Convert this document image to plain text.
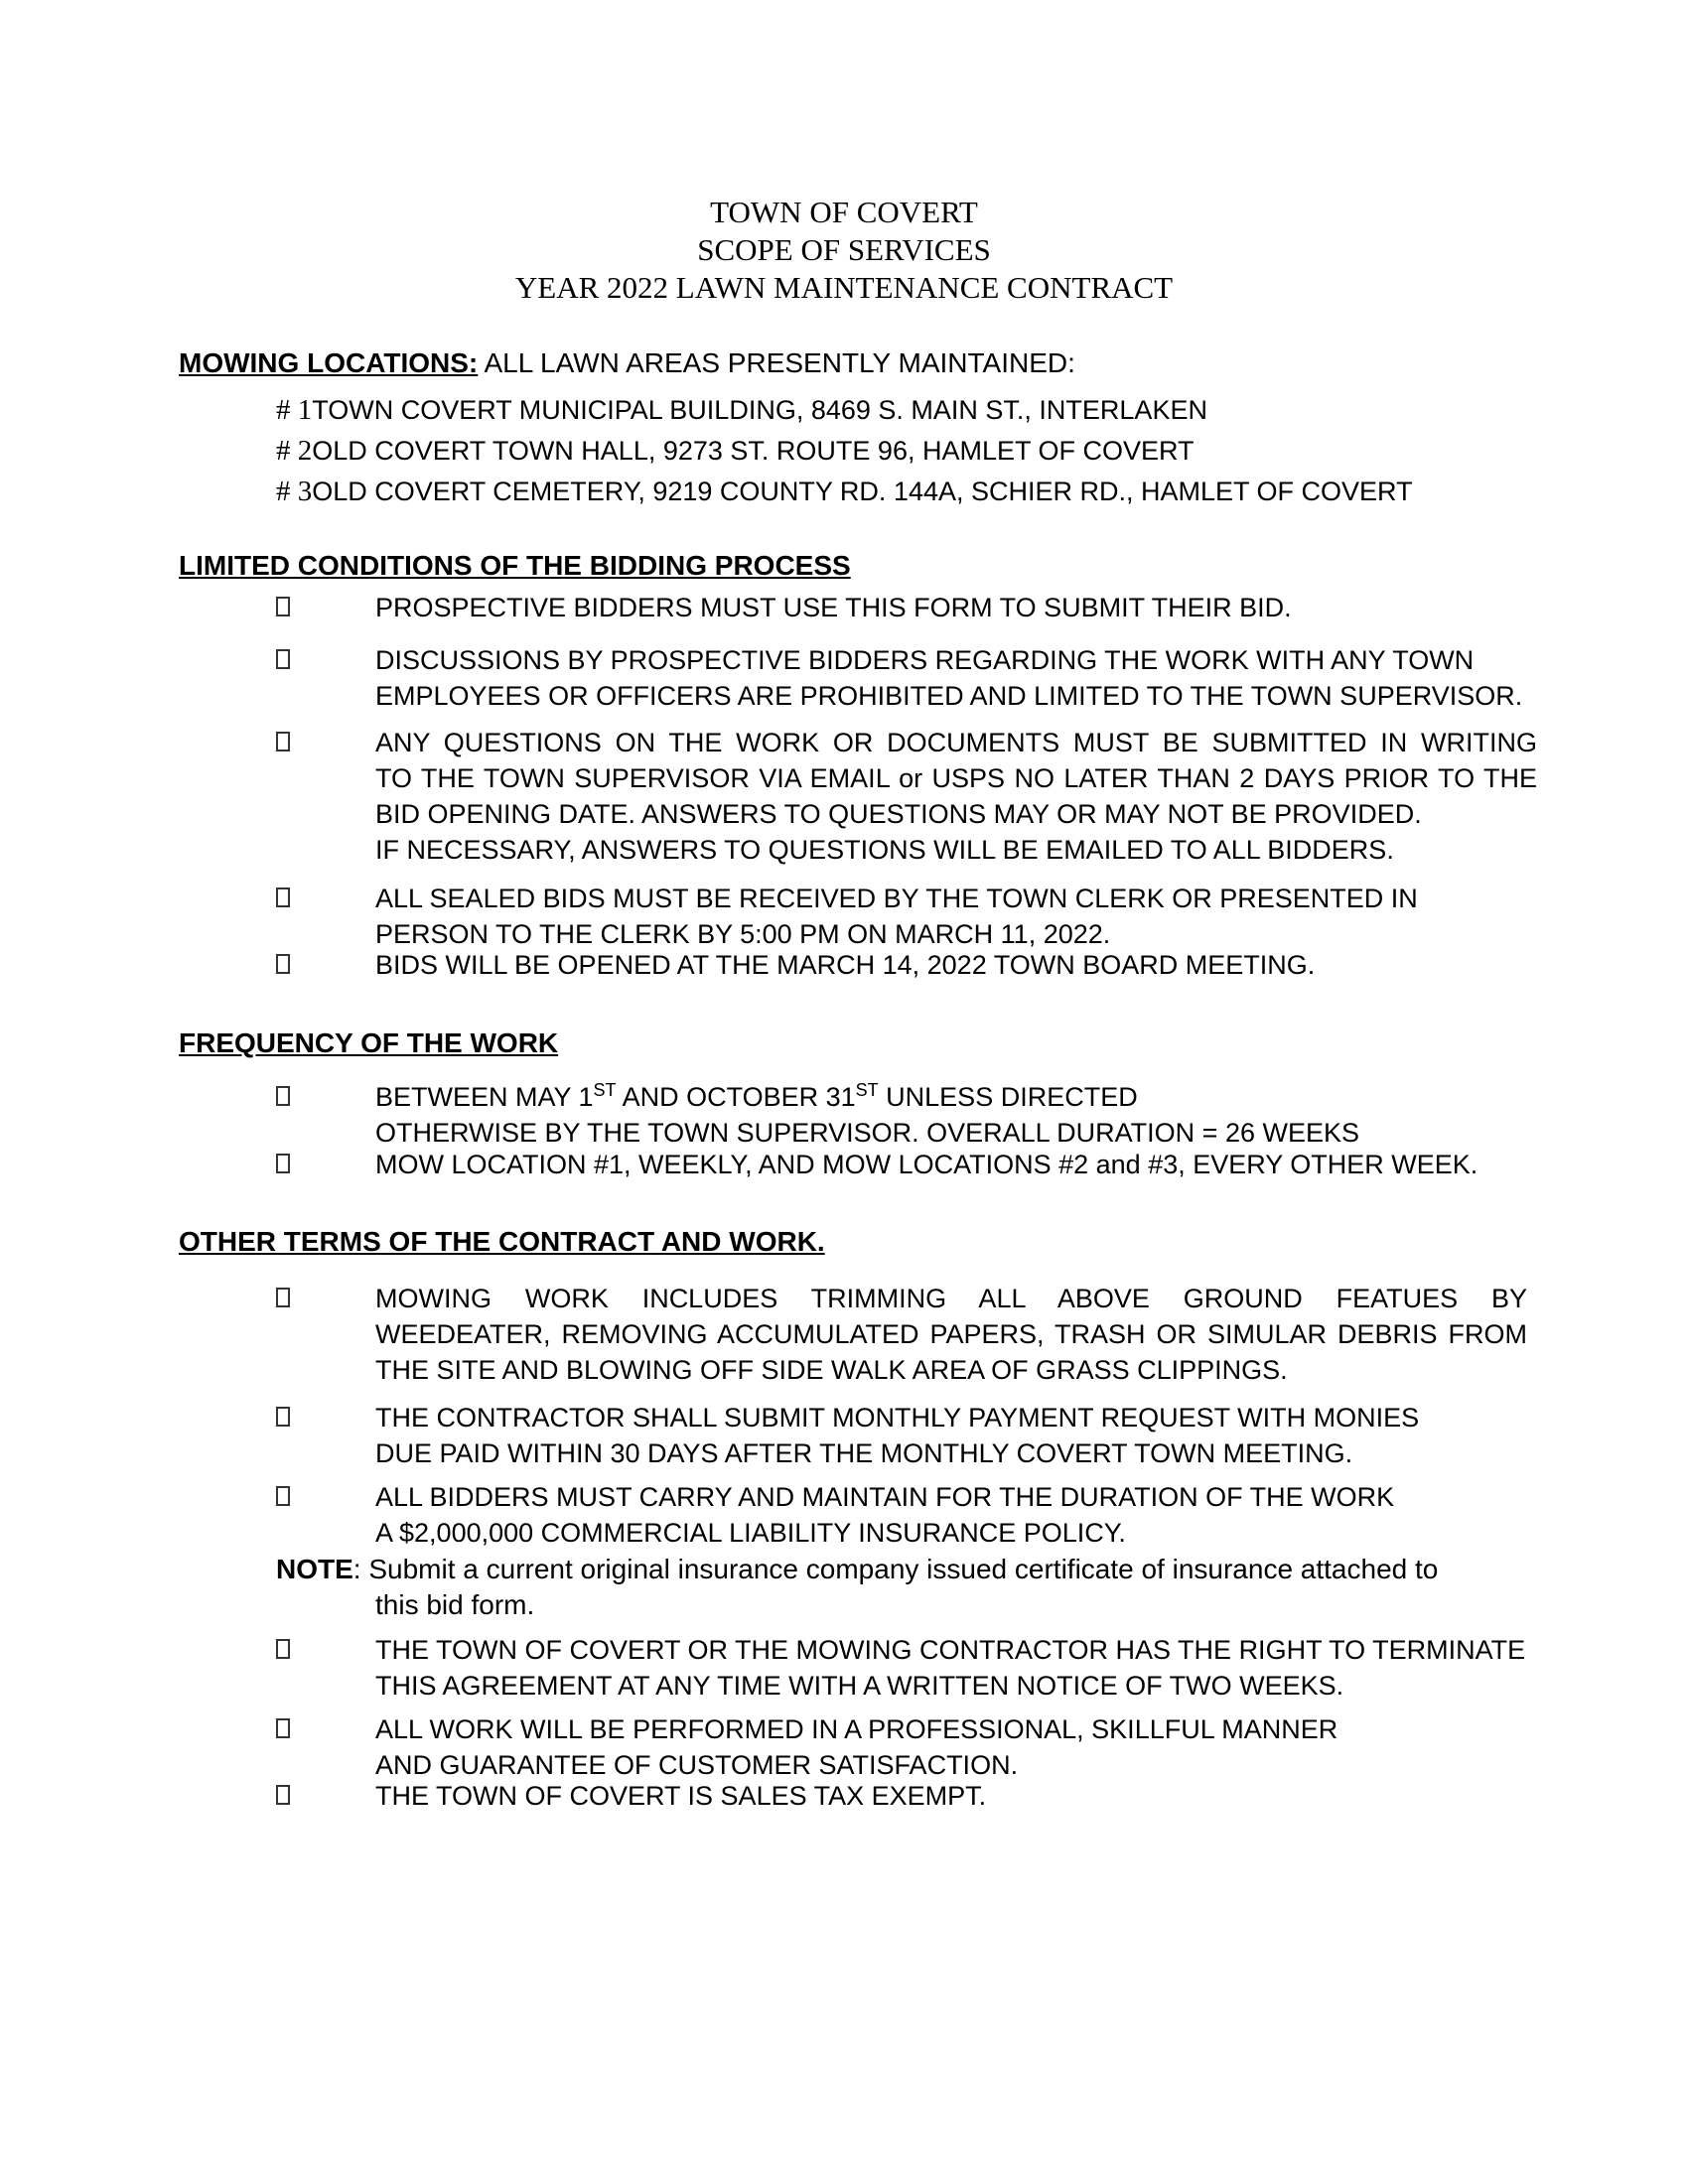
TOWN OF COVERT
SCOPE OF SERVICES
YEAR 2022 LAWN MAINTENANCE CONTRACT
MOWING LOCATIONS: ALL LAWN AREAS PRESENTLY MAINTAINED:
# 1TOWN COVERT MUNICIPAL BUILDING, 8469 S. MAIN ST., INTERLAKEN
# 2OLD COVERT TOWN HALL, 9273 ST. ROUTE 96, HAMLET OF COVERT
# 3OLD COVERT CEMETERY, 9219 COUNTY RD. 144A, SCHIER RD., HAMLET OF COVERT
LIMITED CONDITIONS OF THE BIDDING PROCESS
PROSPECTIVE BIDDERS MUST USE THIS FORM TO SUBMIT THEIR BID.
DISCUSSIONS BY PROSPECTIVE BIDDERS REGARDING THE WORK WITH ANY TOWN
EMPLOYEES OR OFFICERS ARE PROHIBITED AND LIMITED TO THE TOWN SUPERVISOR.
ANY QUESTIONS ON THE WORK OR DOCUMENTS MUST BE SUBMITTED IN WRITING
TO THE TOWN SUPERVISOR VIA EMAIL or USPS NO LATER THAN 2 DAYS PRIOR TO THE
BID OPENING DATE. ANSWERS TO QUESTIONS MAY OR MAY NOT BE PROVIDED.
IF NECESSARY, ANSWERS TO QUESTIONS WILL BE EMAILED TO ALL BIDDERS.
ALL SEALED BIDS MUST BE RECEIVED BY THE TOWN CLERK OR PRESENTED IN
PERSON TO THE CLERK BY 5:00 PM ON MARCH 11, 2022.
BIDS WILL BE OPENED AT THE MARCH 14, 2022 TOWN BOARD MEETING.
FREQUENCY OF THE WORK
BETWEEN MAY 1ST AND OCTOBER 31ST UNLESS DIRECTED
OTHERWISE BY THE TOWN SUPERVISOR. OVERALL DURATION = 26 WEEKS
MOW LOCATION #1, WEEKLY, AND MOW LOCATIONS #2 and #3, EVERY OTHER WEEK.
OTHER TERMS OF THE CONTRACT AND WORK.
MOWING WORK INCLUDES TRIMMING ALL ABOVE GROUND FEATUES BY
WEEDEATER, REMOVING ACCUMULATED PAPERS, TRASH OR SIMULAR DEBRIS FROM
THE SITE AND BLOWING OFF SIDE WALK AREA OF GRASS CLIPPINGS.
THE CONTRACTOR SHALL SUBMIT MONTHLY PAYMENT REQUEST WITH MONIES
DUE PAID WITHIN 30 DAYS AFTER THE MONTHLY COVERT TOWN MEETING.
ALL BIDDERS MUST CARRY AND MAINTAIN FOR THE DURATION OF THE WORK
A $2,000,000 COMMERCIAL LIABILITY INSURANCE POLICY.
NOTE: Submit a current original insurance company issued certificate of insurance attached to
this bid form.
THE TOWN OF COVERT OR THE MOWING CONTRACTOR HAS THE RIGHT TO TERMINATE
THIS AGREEMENT AT ANY TIME WITH A WRITTEN NOTICE OF TWO WEEKS.
ALL WORK WILL BE PERFORMED IN A PROFESSIONAL, SKILLFUL MANNER
AND GUARANTEE OF CUSTOMER SATISFACTION.
THE TOWN OF COVERT IS SALES TAX EXEMPT.
